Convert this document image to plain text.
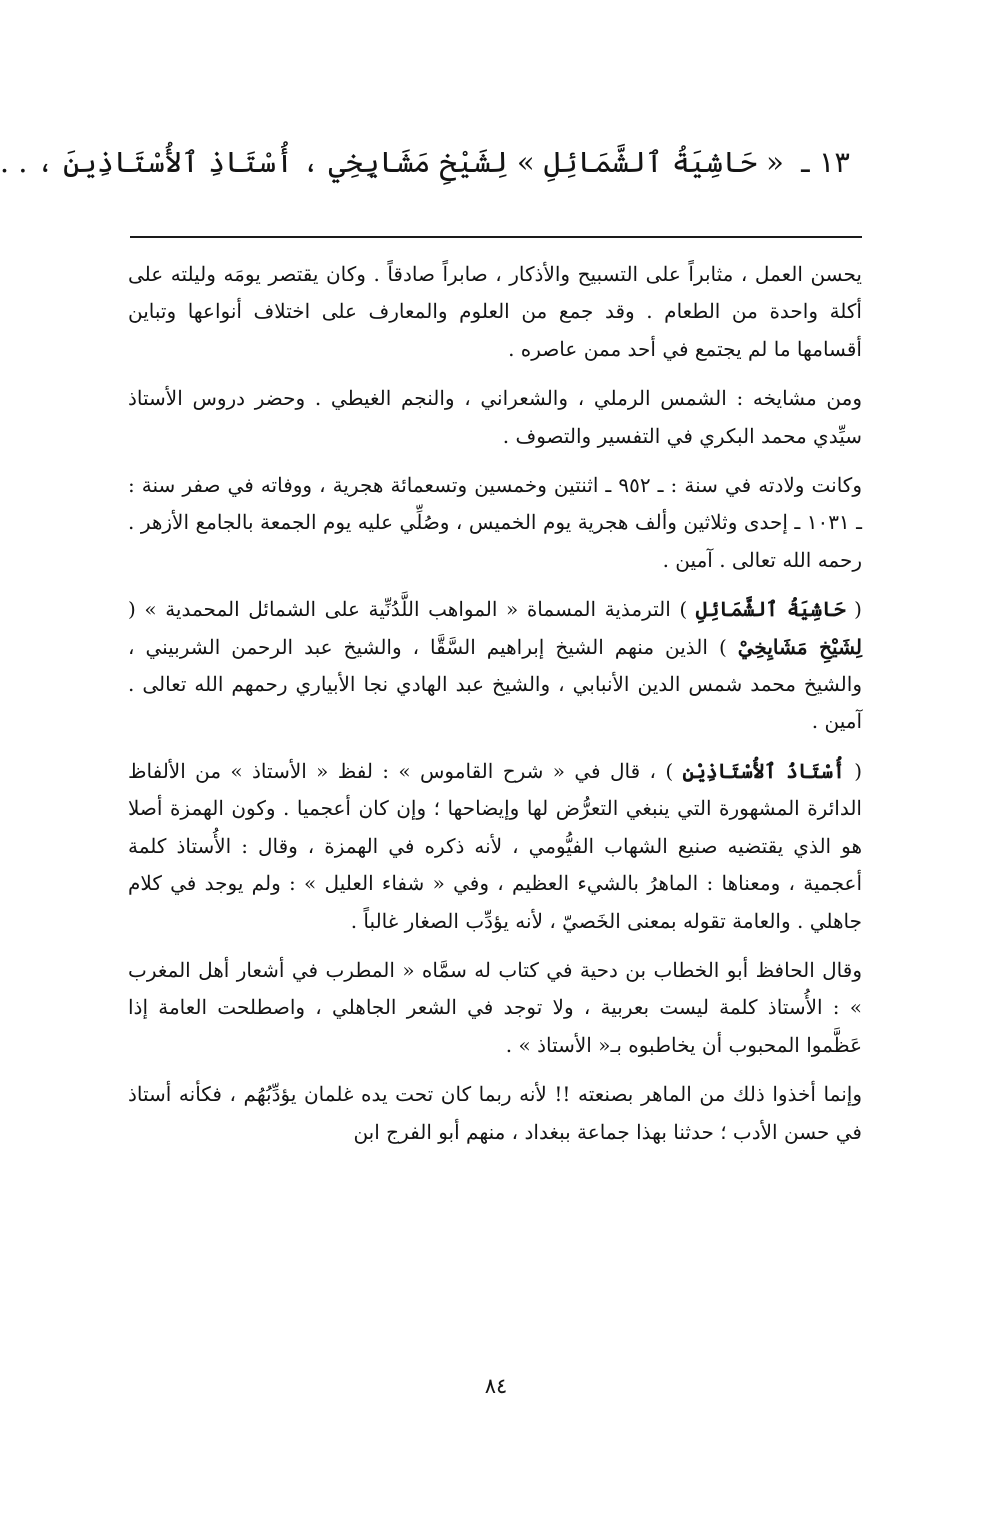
١٣ ـ « حَاشِيَةُ ٱلشَّمَائِلِ » لِشَيْخِ مَشَايِخِي ، أُسْتَاذِ ٱلأُسْتَاذِينَ ، . .

يحسن العمل ، مثابراً على التسبيح والأذكار ، صابراً صادقاً . وكان يقتصر يومَه وليلته على أكلة واحدة من الطعام . وقد جمع من العلوم والمعارف على اختلاف أنواعها وتباين أقسامها ما لم يجتمع في أحد ممن عاصره .

ومن مشايخه : الشمس الرملي ، والشعراني ، والنجم الغيطي . وحضر دروس الأستاذ سيِّدي محمد البكري في التفسير والتصوف .

وكانت ولادته في سنة : ـ ٩٥٢ ـ اثنتين وخمسين وتسعمائة هجرية ، ووفاته في صفر سنة : ـ ١٠٣١ ـ إحدى وثلاثين وألف هجرية يوم الخميس ، وصُلِّي عليه يوم الجمعة بالجامع الأزهر . رحمه الله تعالى . آمين .

( حَاشِيَةُ ٱلشَّمَائِلِ ) الترمذية المسماة « المواهب اللَّدُنِّية على الشمائل المحمدية » ( لِشَيْخِ مَشَايِخِيْ ) الذين منهم الشيخ إبراهيم السَّقَّا ، والشيخ عبد الرحمن الشربيني ، والشيخ محمد شمس الدين الأنبابي ، والشيخ عبد الهادي نجا الأبياري رحمهم الله تعالى . آمين .

( أُسْتَاذُ ٱلأُسْتَاذِيْنِ ) ، قال في « شرح القاموس » : لفظ « الأستاذ » من الألفاظ الدائرة المشهورة التي ينبغي التعرُّض لها وإيضاحها ؛ وإن كان أعجميا . وكون الهمزة أصلا هو الذي يقتضيه صنيع الشهاب الفيُّومي ، لأنه ذكره في الهمزة ، وقال : الأُستاذ كلمة أعجمية ، ومعناها : الماهرُ بالشيء العظيم ، وفي « شفاء العليل » : ولم يوجد في كلام جاهلي . والعامة تقوله بمعنى الخَصيّ ، لأنه يؤدِّب الصغار غالباً .

وقال الحافظ أبو الخطاب بن دحية في كتاب له سمَّاه « المطرب في أشعار أهل المغرب » : الأُستاذ كلمة ليست بعربية ، ولا توجد في الشعر الجاهلي ، واصطلحت العامة إذا عَظَّموا المحبوب أن يخاطبوه بـ« الأستاذ » .

وإنما أخذوا ذلك من الماهر بصنعته !! لأنه ربما كان تحت يده غلمان يؤدِّبُهُم ، فكأنه أستاذ في حسن الأدب ؛ حدثنا بهذا جماعة ببغداد ، منهم أبو الفرج ابن

٨٤
